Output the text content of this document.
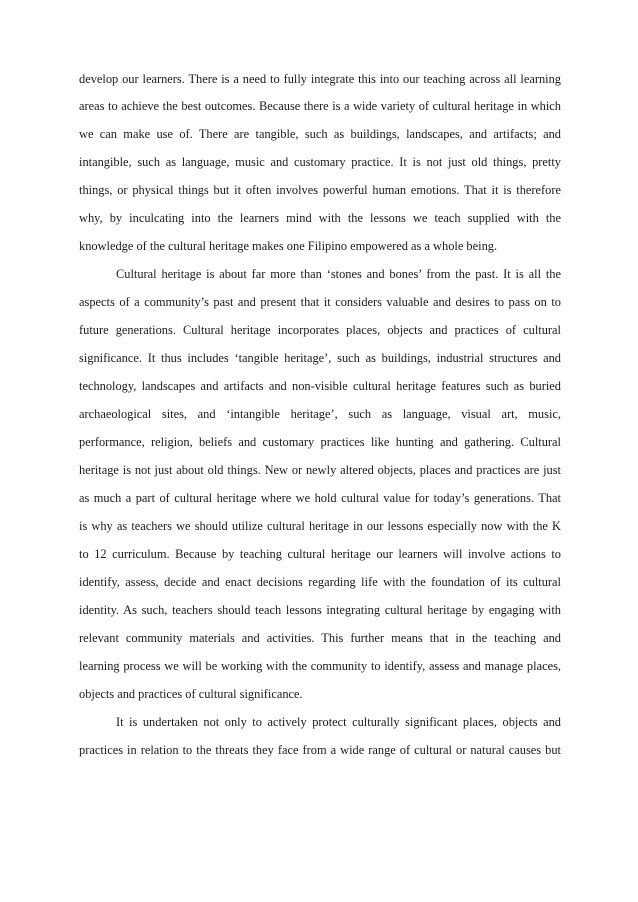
develop our learners. There is a need to fully integrate this into our teaching across all learning

areas to achieve the best outcomes. Because there is a wide variety of cultural heritage in which

we can make use of. There are tangible, such as buildings, landscapes, and artifacts; and

intangible, such as language, music and customary practice. It is not just old things, pretty

things, or physical things but it often involves powerful human emotions. That it is therefore

why, by inculcating into the learners mind with the lessons we teach supplied with the

knowledge of the cultural heritage makes one Filipino empowered as a whole being.

Cultural heritage is about far more than ‘stones and bones’ from the past. It is all the

aspects of a community’s past and present that it considers valuable and desires to pass on to

future generations. Cultural heritage incorporates places, objects and practices of cultural

significance. It thus includes ‘tangible heritage’, such as buildings, industrial structures and

technology, landscapes and artifacts and non-visible cultural heritage features such as buried

archaeological sites, and ‘intangible heritage’, such as language, visual art, music,

performance, religion, beliefs and customary practices like hunting and gathering. Cultural

heritage is not just about old things. New or newly altered objects, places and practices are just

as much a part of cultural heritage where we hold cultural value for today’s generations. That

is why as teachers we should utilize cultural heritage in our lessons especially now with the K

to 12 curriculum. Because by teaching cultural heritage our learners will involve actions to

identify, assess, decide and enact decisions regarding life with the foundation of its cultural

identity. As such, teachers should teach lessons integrating cultural heritage by engaging with

relevant community materials and activities. This further means that in the teaching and

learning process we will be working with the community to identify, assess and manage places,

objects and practices of cultural significance.

It is undertaken not only to actively protect culturally significant places, objects and

practices in relation to the threats they face from a wide range of cultural or natural causes but
